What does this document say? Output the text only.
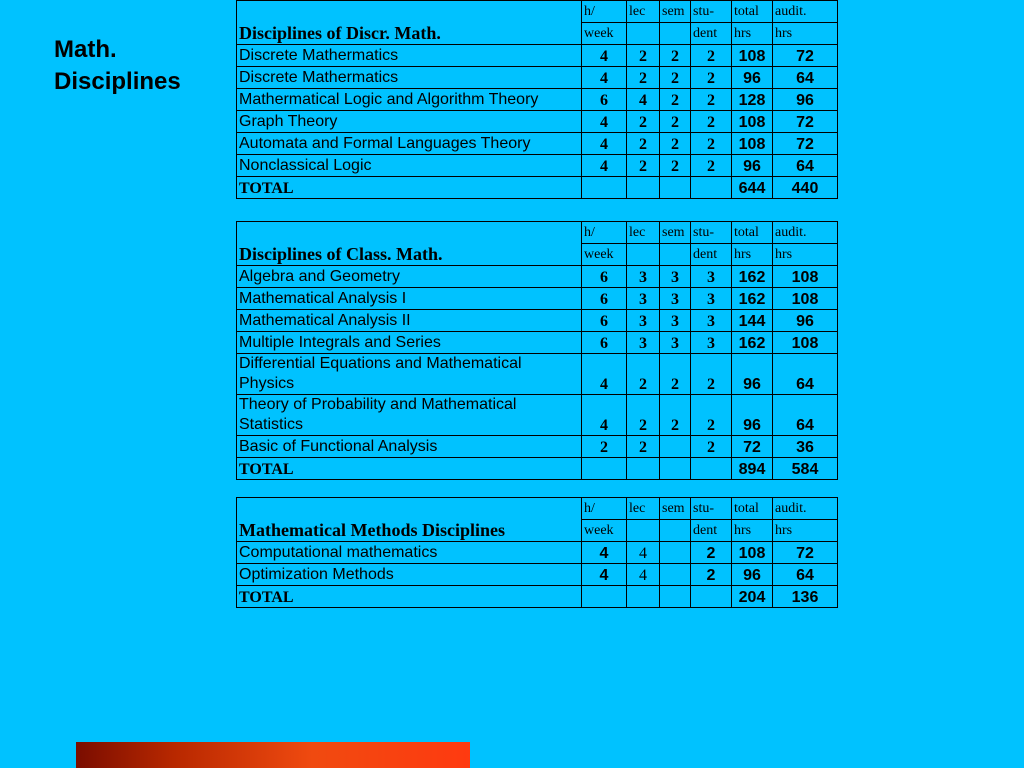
Math.
Disciplines
Disciplines of Discr. Math.	h/	lec	sem	stu-	total	audit.
	week			dent	hrs	hrs
Discrete Mathermatics	4	2	2	2	108	72
Discrete Mathermatics	4	2	2	2	96	64
Mathermatical Logic and Algorithm Theory	6	4	2	2	128	96
Graph Theory	4	2	2	2	108	72
Automata and Formal Languages Theory	4	2	2	2	108	72
Nonclassical Logic	4	2	2	2	96	64
TOTAL					644	440
Disciplines of Class. Math.	h/	lec	sem	stu-	total	audit.
	week			dent	hrs	hrs
Algebra and Geometry	6	3	3	3	162	108
Mathematical Analysis I	6	3	3	3	162	108
Mathematical Analysis II	6	3	3	3	144	96
Multiple Integrals and Series	6	3	3	3	162	108
Differential Equations and Mathematical
Physics	4	2	2	2	96	64
Theory of Probability and Mathematical
Statistics	4	2	2	2	96	64
Basic of Functional Analysis	2	2		2	72	36
TOTAL					894	584
Mathematical Methods Disciplines	h/	lec	sem	stu-	total	audit.
	week			dent	hrs	hrs
Computational mathematics	4	4		2	108	72
Optimization Methods	4	4		2	96	64
TOTAL					204	136
